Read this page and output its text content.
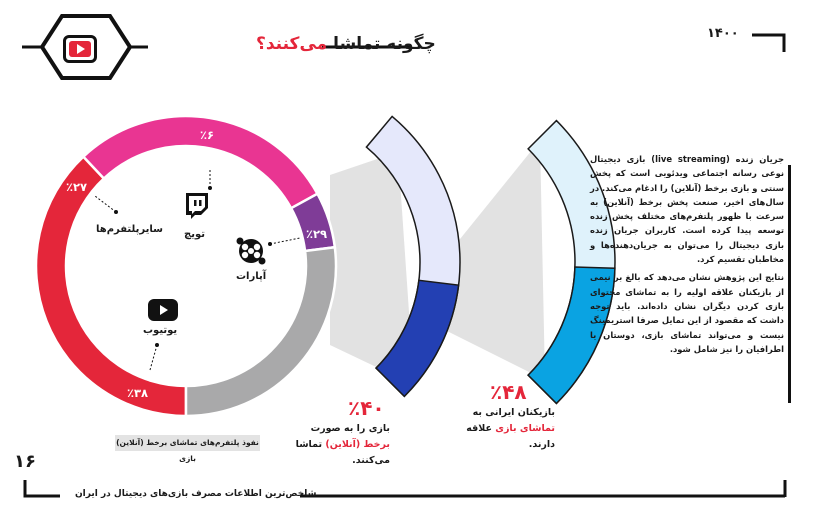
چگونه تماشا می‌کنند؟
۱۴۰۰
٪۳۸
٪۲۹
٪۶
٪۲۷
تویچ
آپارات
یوتیوب
سایرپلتفرم‌ها
٪۴۰
بازی را به صورت
برخط (آنلاین) تماشا می‌کنند.
٪۴۸
بازیکنان ایرانی به
تماشای بازی علاقه دارند.

جریان زنده (live streaming) بازی دیجیتال نوعی رسانه اجتماعی ویدئویی است که پخش سنتی و بازی برخط (آنلاین) را ادغام می‌کند. در سال‌های اخیر، صنعت پخش برخط (آنلاین) به سرعت با ظهور پلتفرم‌های مختلف پخش زنده توسعه پیدا کرده است. کاربران جریان زنده بازی دیجیتال را می‌توان به جریان‌دهنده‌ها و مخاطبان تقسیم کرد.

نتایج این پژوهش نشان می‌دهد که بالغ بر نیمی از بازیکنان علاقه اولیه را به تماشای محتوای بازی کردن دیگران نشان داده‌اند. باید توجه داشت که مقصود از این تمایل صرفا استریمینگ نیست و می‌تواند تماشای بازی، دوستان یا اطرافیان را نیز شامل شود.

نفوذ پلتفرم‌های تماشای برخط (آنلاین) بازی
۱۶
شاخص‌ترین اطلاعات مصرف بازی‌های دیجیتال در ایران
